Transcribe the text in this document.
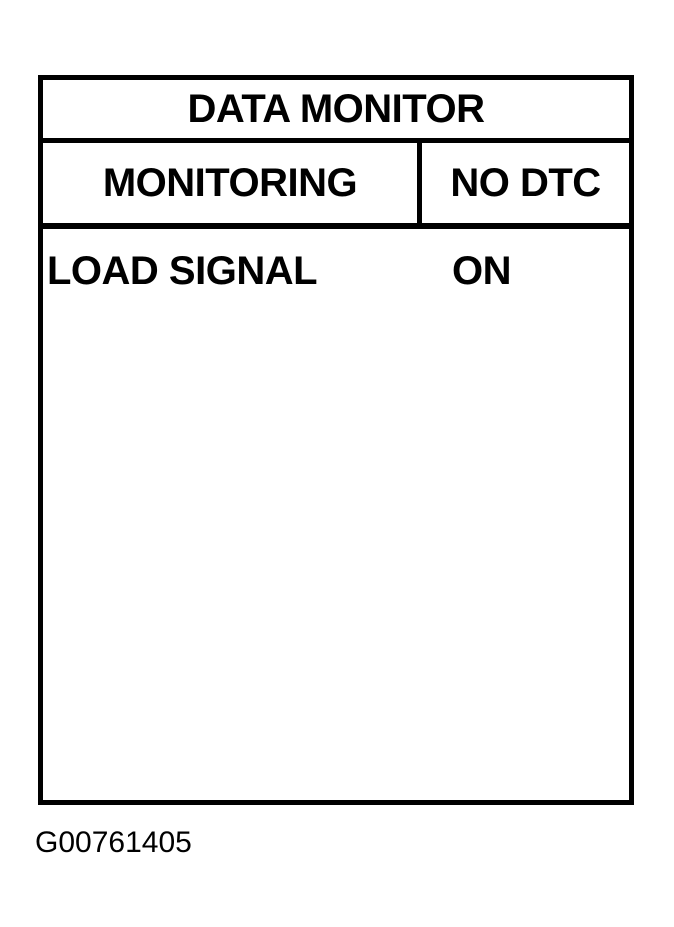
DATA MONITOR
MONITORING NO DTC
LOAD SIGNAL	ON
G00761405
